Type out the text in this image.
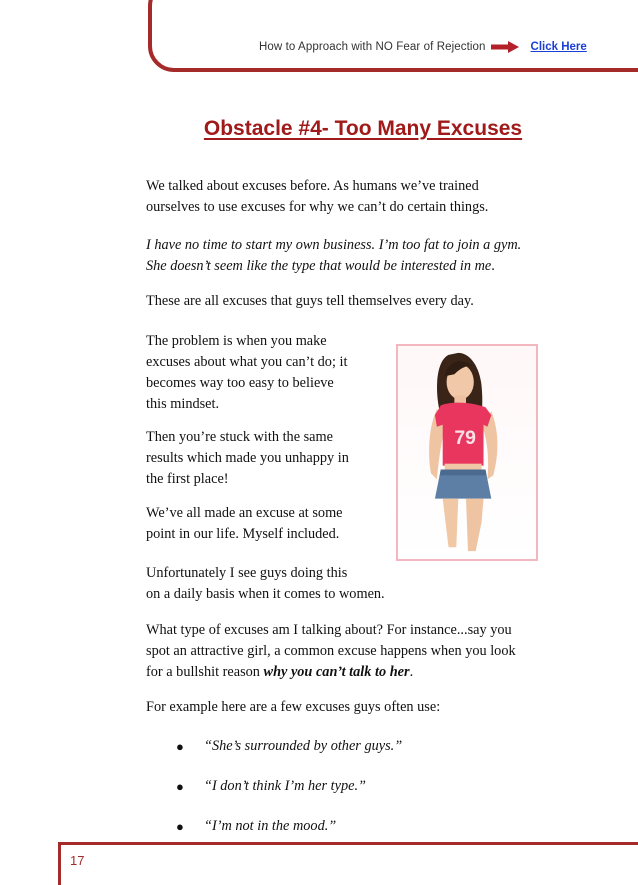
How to Approach with NO Fear of Rejection	Click Here
Obstacle #4- Too Many Excuses

We talked about excuses before. As humans we’ve trained
ourselves to use excuses for why we can’t do certain things.

I have no time to start my own business. I’m too fat to join a gym.
She doesn’t seem like the type that would be interested in me.

These are all excuses that guys tell themselves every day.

The problem is when you make
excuses about what you can’t do; it
becomes way too easy to believe
this mindset.

Then you’re stuck with the same
results which made you unhappy in
the first place!

We’ve all made an excuse at some
point in our life. Myself included.

Unfortunately I see guys doing this
on a daily basis when it comes to women.

What type of excuses am I talking about? For instance...say you
spot an attractive girl, a common excuse happens when you look
for a bullshit reason why you can’t talk to her.

For example here are a few excuses guys often use:

●	“She’s surrounded by other guys.”
●	“I don’t think I’m her type.”
●	“I’m not in the mood.”
79
17
